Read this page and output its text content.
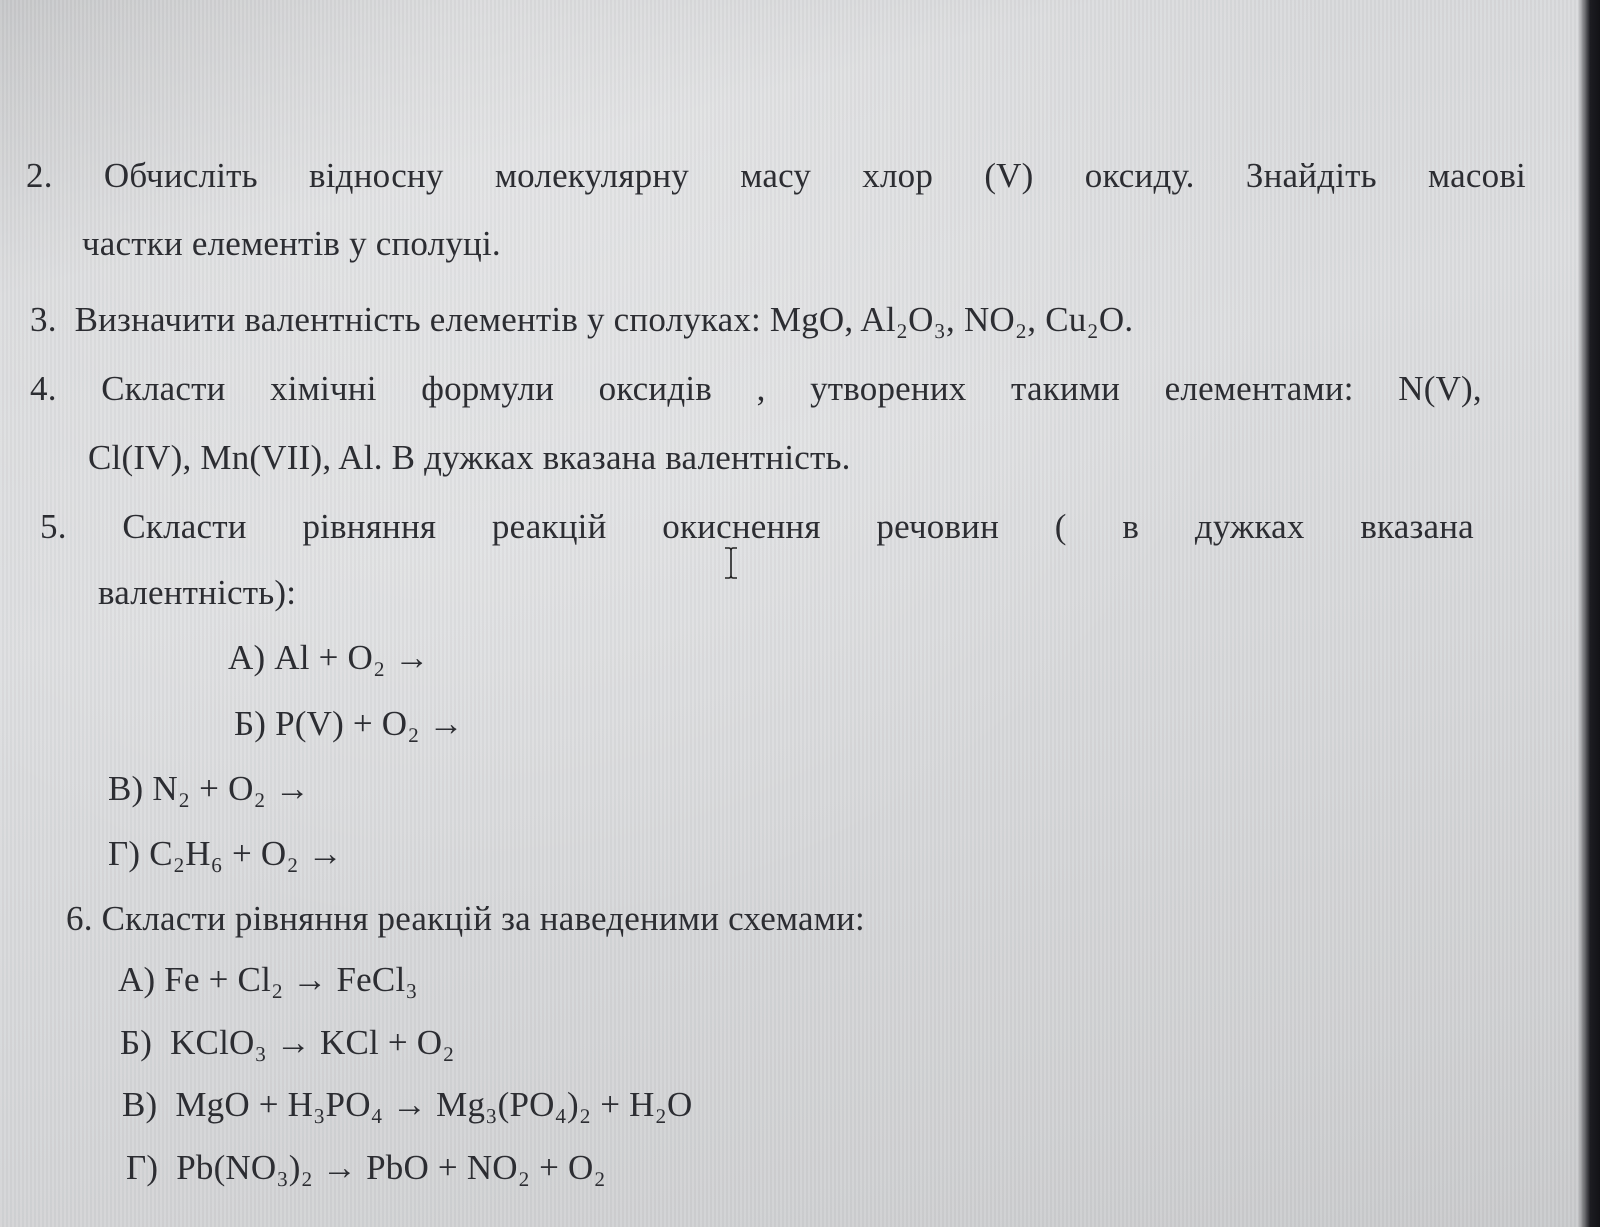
2. Обчисліть відносну молекулярну масу хлор (V) оксиду. Знайдіть масові
частки елементів у сполуці.
3. Визначити валентність елементів у сполуках: MgO, Al₂O₃, NO₂, Cu₂O.
4. Скласти хімічні формули оксидів , утворених такими елементами: N(V),
Cl(IV), Mn(VII), Al. В дужках вказана валентність.
5. Скласти рівняння реакцій окиснення речовин ( в дужках вказана
валентність):
А) Al + O₂ →
Б) P(V) + O₂ →
В) N₂ + O₂ →
Г) C₂H₆ + O₂ →
6. Скласти рівняння реакцій за наведеними схемами:
А) Fe + Cl₂ → FeCl₃
Б) KClO₃ → KCl + O₂
В) MgO + H₃PO₄ → Mg₃(PO₄)₂ + H₂O
Г) Pb(NO₃)₂ → PbO + NO₂ + O₂
